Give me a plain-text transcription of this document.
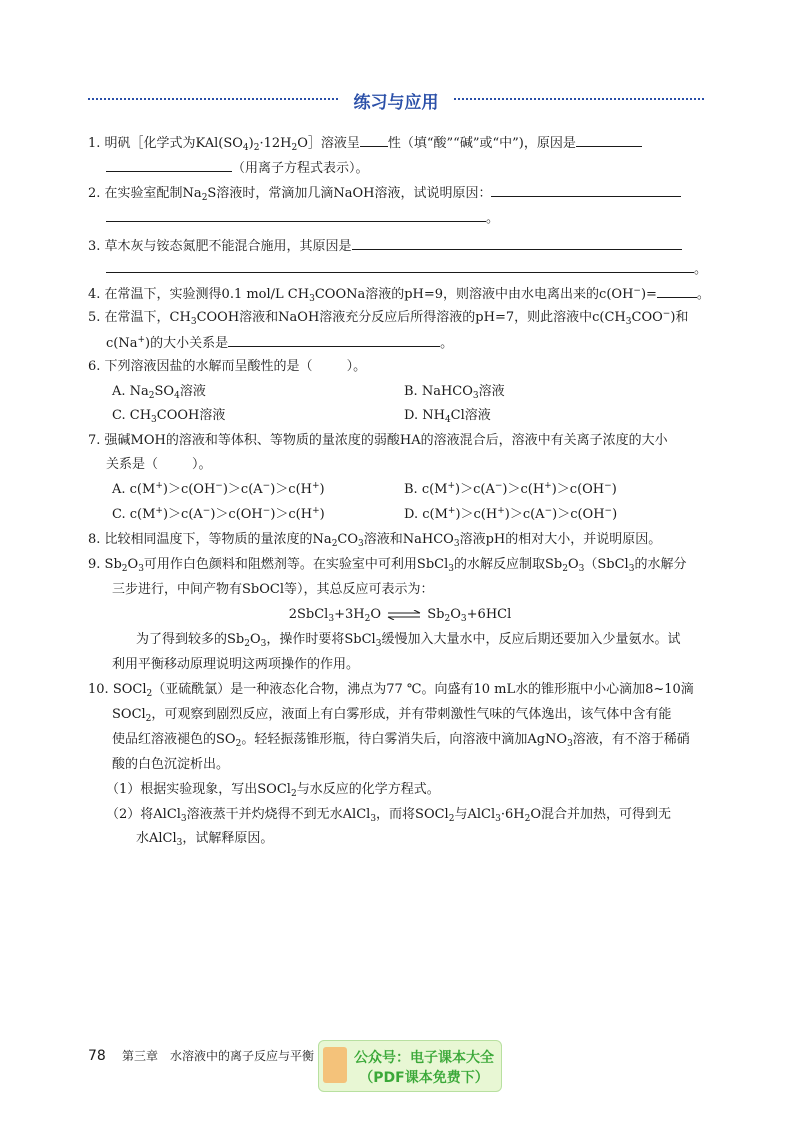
练习与应用
1. 明矾［化学式为$KAl(SO_4)_2\cdot 12H_2O]$溶液呈 性（填“酸”“碱”或“中”)，原因是
（用离子方程式表示）。
2. 在实验室配制$Na_2S$溶液时，常滴加几滴NaOH溶液，试说明原因：
。
3. 草木灰与铵态氮肥不能混合施用，其原因是
。
4. 在常温下，实验测得0.1 mol/L $CH_3COONa$溶液的pH=9，则溶液中由水电离出来的c(OH−)=	。
5. 在常温下，$CH_3COOH$溶液和NaOH溶液充分反应后所得溶液的pH=7，则此溶液中$c(CH_3COO^-)$和
c(Na+)的大小关系是	。
6. 下列溶液因盐的水解而呈酸性的是（	）。
A. $Na_2SO_4$溶液	B. NaHCO$_3$溶液
C. $CH_3COOH$溶液	D. $NH_4Cl$溶液
7. 强碱MOH的溶液和等体积、等物质的量浓度的弱酸HA的溶液混合后，溶液中有关离子浓度的大小
关系是（	）。
A. c(M+)＞c(OH−)＞c(A−)＞c(H+)	B. c(M+)＞c(A−)＞c(H+)＞c(OH−)
C. c(M+)＞c(A−)＞c(OH−)＞c(H+)	D. c(M+)＞c(H+)＞c(A−)＞c(OH−)
8. 比较相同温度下，等物质的量浓度的$Na_2CO_3$溶液和NaHCO$_3$溶液pH的相对大小，并说明原因。
9. $Sb_2O_3$可用作白色颜料和阻燃剂等。在实验室中可利用SbCl$_3$的水解反应制取$Sb_2O_3(SbCl_3$的水解分
三步进行，中间产物有SbOCl等），其总反应可表示为：
$2SbCl_3+3H_2O$ ⇌ $Sb_2O_3+6HCl$
为了得到较多的$Sb_2O_3$，操作时要将SbCl$_3$缓慢加入大量水中，反应后期还要加入少量氨水。试
利用平衡移动原理说明这两项操作的作用。
10. SOCl$_2$（亚硫酰氯）是一种液态化合物，沸点为77 ℃。向盛有10 mL水的锥形瓶中小心滴加8~10滴
SOCl$_2$，可观察到剧烈反应，液面上有白雾形成，并有带刺激性气味的气体逸出，该气体中含有能
使品红溶液褪色的$SO_2$。轻轻振荡锥形瓶，待白雾消失后，向溶液中滴加AgNO$_3$溶液，有不溶于稀硝
酸的白色沉淀析出。
（1）根据实验现象，写出SOCl$_2$与水反应的化学方程式。
（2）将AlCl$_3$溶液蒸干并灼烧得不到无水AlCl$_3$，而将SOCl$_2$与$AlCl_3\cdot 6H_2O$混合并加热，可得到无
水AlCl$_3$，试解释原因。
78 第三章　水溶液中的离子反应与平衡	公众号：电子课本大全
（PDF课本免费下）
